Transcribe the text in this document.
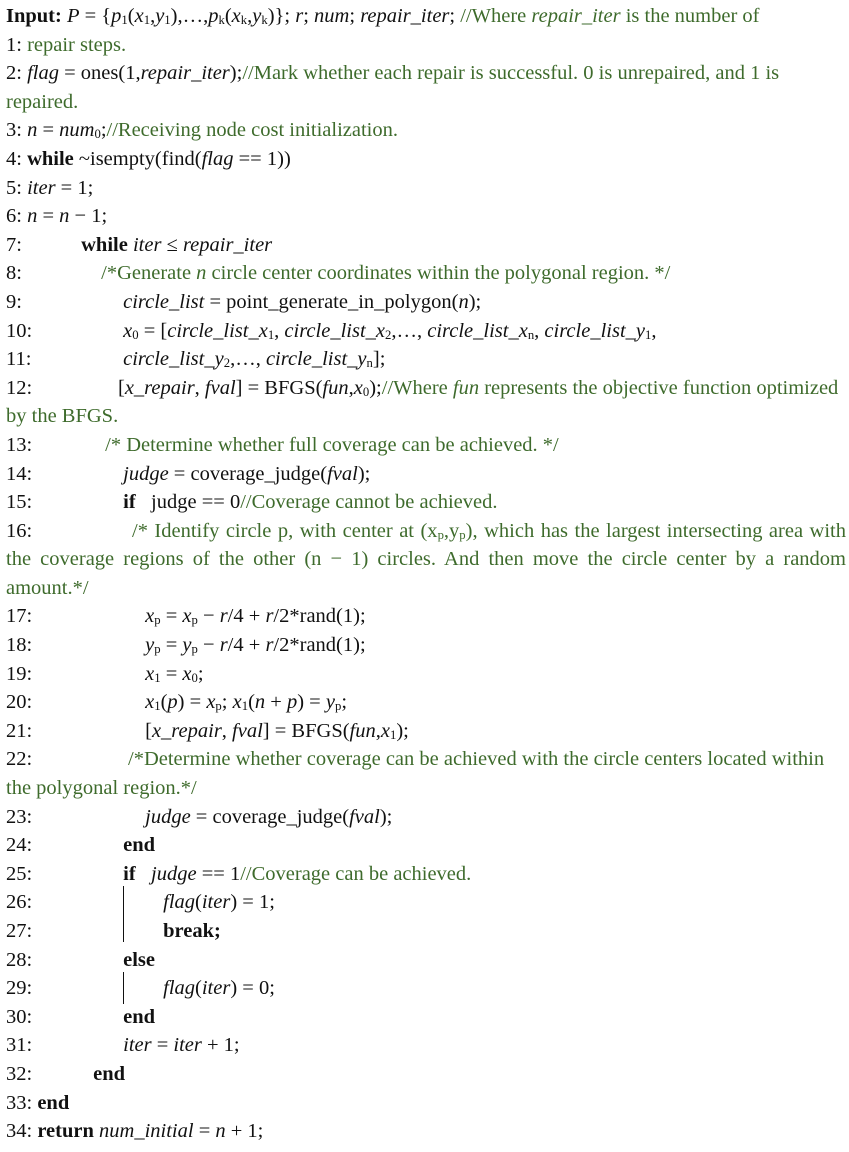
Input: $P = \{p_1(x_1,y_1),\dots,p_k(x_k,y_k)\}$; r; num; repair_iter; //Where repair_iter is the number of
1: repair steps.
2: flag = ones(1,repair_iter);//Mark whether each repair is successful. 0 is unrepaired, and 1 is repaired.
3: n = num$_0$;//Receiving node cost initialization.
4: while ~isempty(find(flag == 1))
5: iter = 1;
6: n = n − 1;
7:	while iter ≤ repair_iter
8:	/*Generate n circle center coordinates within the polygonal region. */
9:	circle_list = point_generate_in_polygon(n);
10:	$x_0$ = [$circle\_list\_x_1$, $circle\_list\_x_2,\dots$, $circle\_list\_x_n$, $circle\_list\_y_1$,
11:	$circle\_list\_y_2,\dots$, $circle\_list\_y_n$];
12:	[x_repair, fval] = $BFGS(fun,x_0);/$/Where fun represents the objective function optimized by the BFGS.
13:	/* Determine whether full coverage can be achieved. */
14:	judge = coverage_judge(fval);
15:	if judge == 0//Coverage cannot be achieved.
16:	/* Identify circle p, with center at $(x_p,y_p)$, which has the largest intersecting area with the coverage regions of the other (n − 1) circles. And then move the circle center by a random amount.*/
17:	$x_p = x_p - r/4$ + r/2*rand(1);
18:	$y_p = y_p - r/4$ + r/2*rand(1);
19:	$x_1 = x_0$;
20:	$x_1(p) = x_p$; $x_1(n + p) = y_p$;
21:	[x_repair, fval] = $BFGS(fun,x_1)$;
22:	/*Determine whether coverage can be achieved with the circle centers located within the polygonal region.*/
23:	judge = coverage_judge(fval);
24:	end
25:	if judge == 1//Coverage can be achieved.
26:	flag(iter) = 1;
27:	break;
28:	else
29:	flag(iter) = 0;
30:	end
31:	iter = iter + 1;
32:	end
33: end
34: return num_initial = n + 1;
